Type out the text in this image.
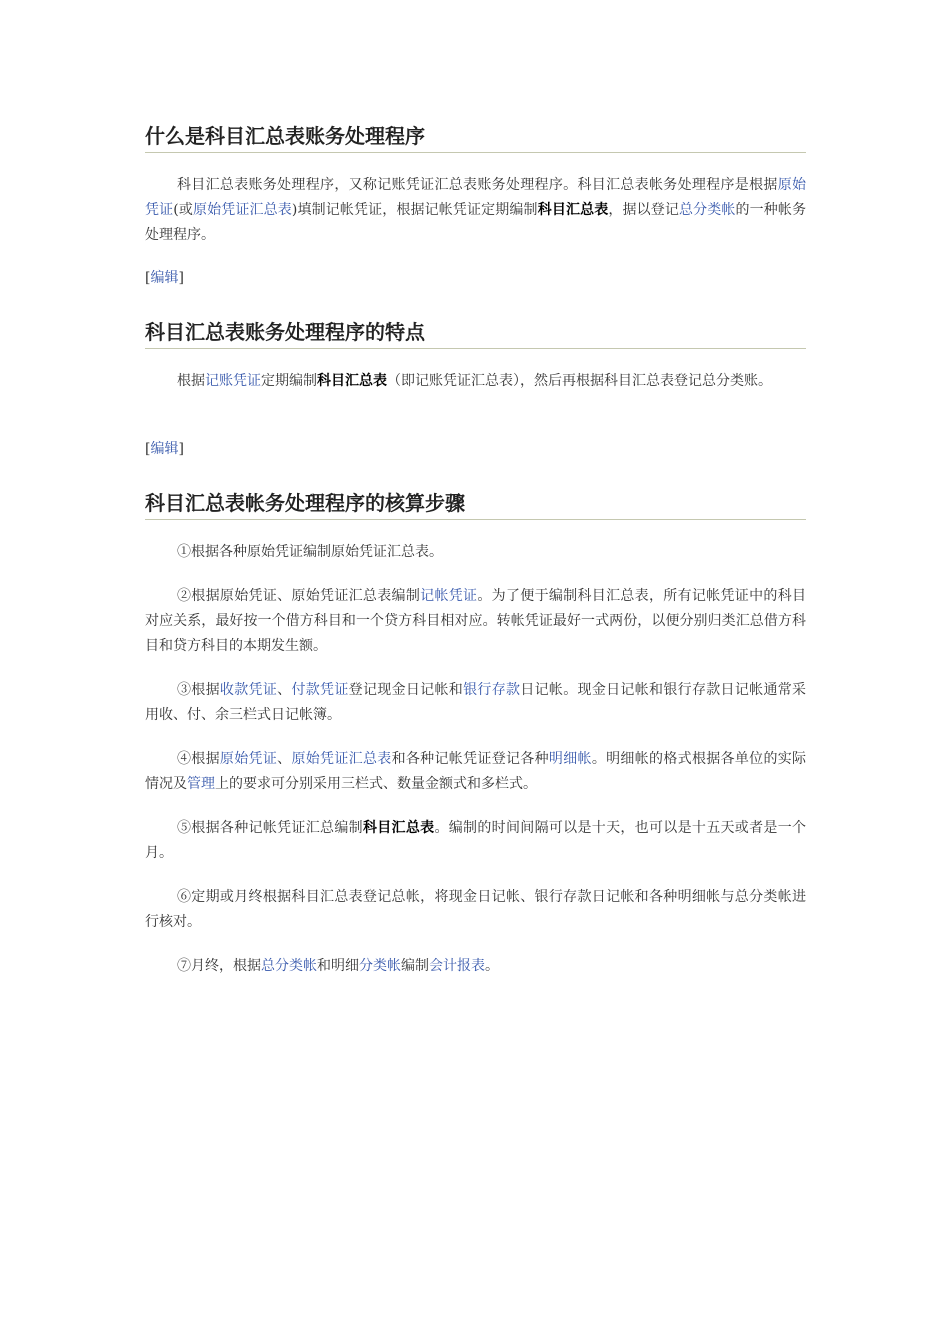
什么是科目汇总表账务处理程序

科目汇总表账务处理程序，又称记账凭证汇总表账务处理程序。科目汇总表帐务处理程序是根据原始凭证(或原始凭证汇总表)填制记帐凭证，根据记帐凭证定期编制科目汇总表，据以登记总分类帐的一种帐务处理程序。

[编辑]
科目汇总表账务处理程序的特点

根据记账凭证定期编制科目汇总表（即记账凭证汇总表），然后再根据科目汇总表登记总分类账。

[编辑]
科目汇总表帐务处理程序的核算步骤

①根据各种原始凭证编制原始凭证汇总表。

②根据原始凭证、原始凭证汇总表编制记帐凭证。为了便于编制科目汇总表，所有记帐凭证中的科目对应关系，最好按一个借方科目和一个贷方科目相对应。转帐凭证最好一式两份，以便分别归类汇总借方科目和贷方科目的本期发生额。

③根据收款凭证、付款凭证登记现金日记帐和银行存款日记帐。现金日记帐和银行存款日记帐通常采用收、付、余三栏式日记帐簿。

④根据原始凭证、原始凭证汇总表和各种记帐凭证登记各种明细帐。明细帐的格式根据各单位的实际情况及管理上的要求可分别采用三栏式、数量金额式和多栏式。

⑤根据各种记帐凭证汇总编制科目汇总表。编制的时间间隔可以是十天，也可以是十五天或者是一个月。

⑥定期或月终根据科目汇总表登记总帐，将现金日记帐、银行存款日记帐和各种明细帐与总分类帐进行核对。

⑦月终，根据总分类帐和明细分类帐编制会计报表。
